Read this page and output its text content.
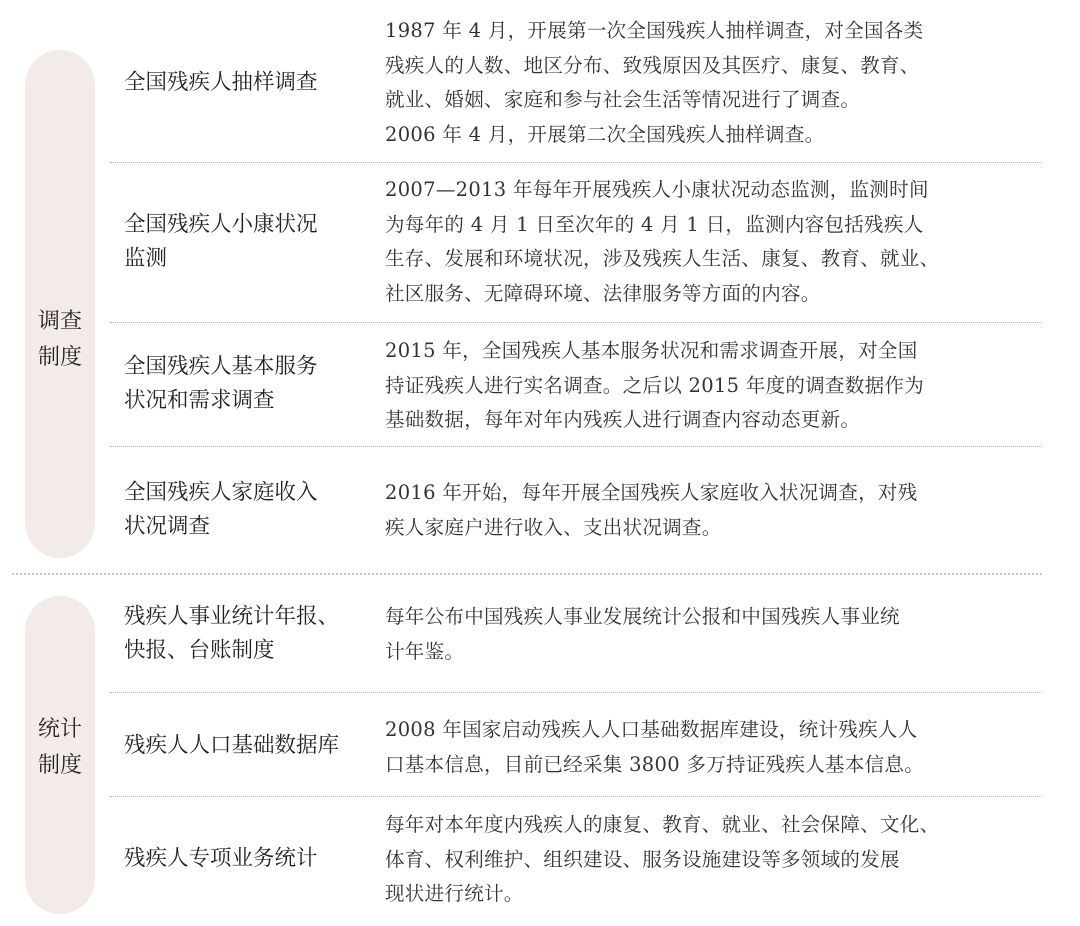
调查
制度
全国残疾人抽样调查
1987 年 4 月，开展第一次全国残疾人抽样调查，对全国各类
残疾人的人数、地区分布、致残原因及其医疗、康复、教育、
就业、婚姻、家庭和参与社会生活等情况进行了调查。
2006 年 4 月，开展第二次全国残疾人抽样调查。
全国残疾人小康状况
监测
2007—2013 年每年开展残疾人小康状况动态监测，监测时间
为每年的 4 月 1 日至次年的 4 月 1 日，监测内容包括残疾人
生存、发展和环境状况，涉及残疾人生活、康复、教育、就业、
社区服务、无障碍环境、法律服务等方面的内容。
全国残疾人基本服务
状况和需求调查
2015 年，全国残疾人基本服务状况和需求调查开展，对全国
持证残疾人进行实名调查。之后以 2015 年度的调查数据作为
基础数据，每年对年内残疾人进行调查内容动态更新。
全国残疾人家庭收入
状况调查
2016 年开始，每年开展全国残疾人家庭收入状况调查，对残
疾人家庭户进行收入、支出状况调查。
统计
制度
残疾人事业统计年报、
快报、台账制度
每年公布中国残疾人事业发展统计公报和中国残疾人事业统
计年鉴。
残疾人人口基础数据库
2008 年国家启动残疾人人口基础数据库建设，统计残疾人人
口基本信息，目前已经采集 3800 多万持证残疾人基本信息。
残疾人专项业务统计
每年对本年度内残疾人的康复、教育、就业、社会保障、文化、
体育、权利维护、组织建设、服务设施建设等多领域的发展
现状进行统计。
